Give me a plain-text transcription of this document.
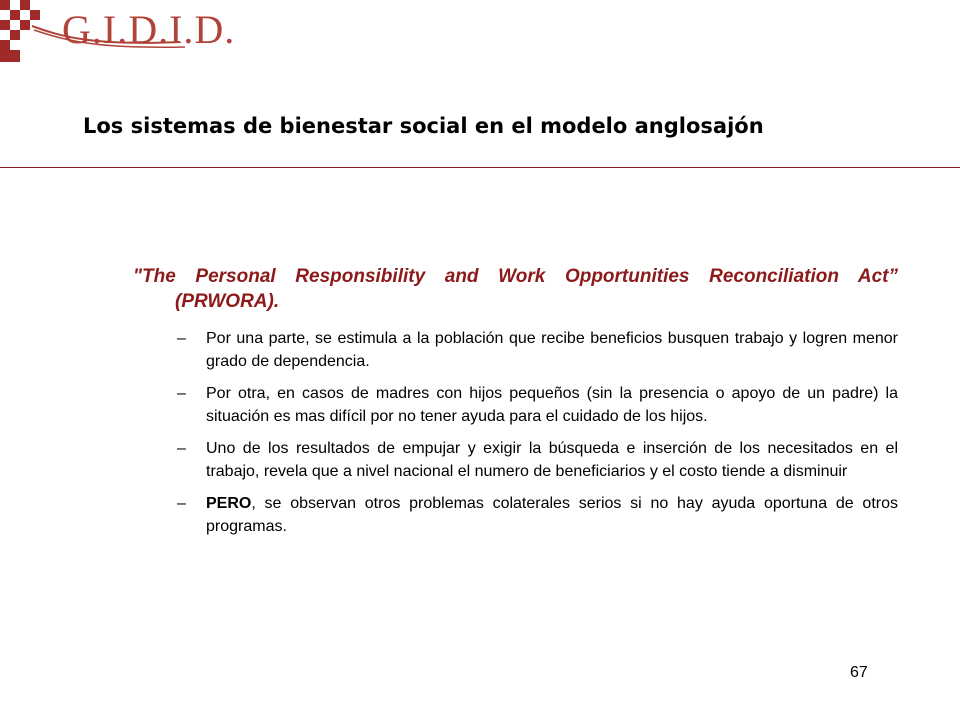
G.I.D.I.D.
Los sistemas de bienestar social en el modelo anglosajón
"The Personal Responsibility and Work Opportunities Reconciliation Act” (PRWORA).
– Por una parte, se estimula a la población que recibe beneficios busquen trabajo y logren menor grado de dependencia.
– Por otra, en casos de madres con hijos pequeños (sin la presencia o apoyo de un padre) la situación es mas difícil por no tener ayuda para el cuidado de los hijos.
– Uno de los resultados de empujar y exigir la búsqueda e inserción de los necesitados en el trabajo, revela que a nivel nacional el numero de beneficiarios y el costo tiende a disminuir
– PERO, se observan otros problemas colaterales serios si no hay ayuda oportuna de otros programas.
67
